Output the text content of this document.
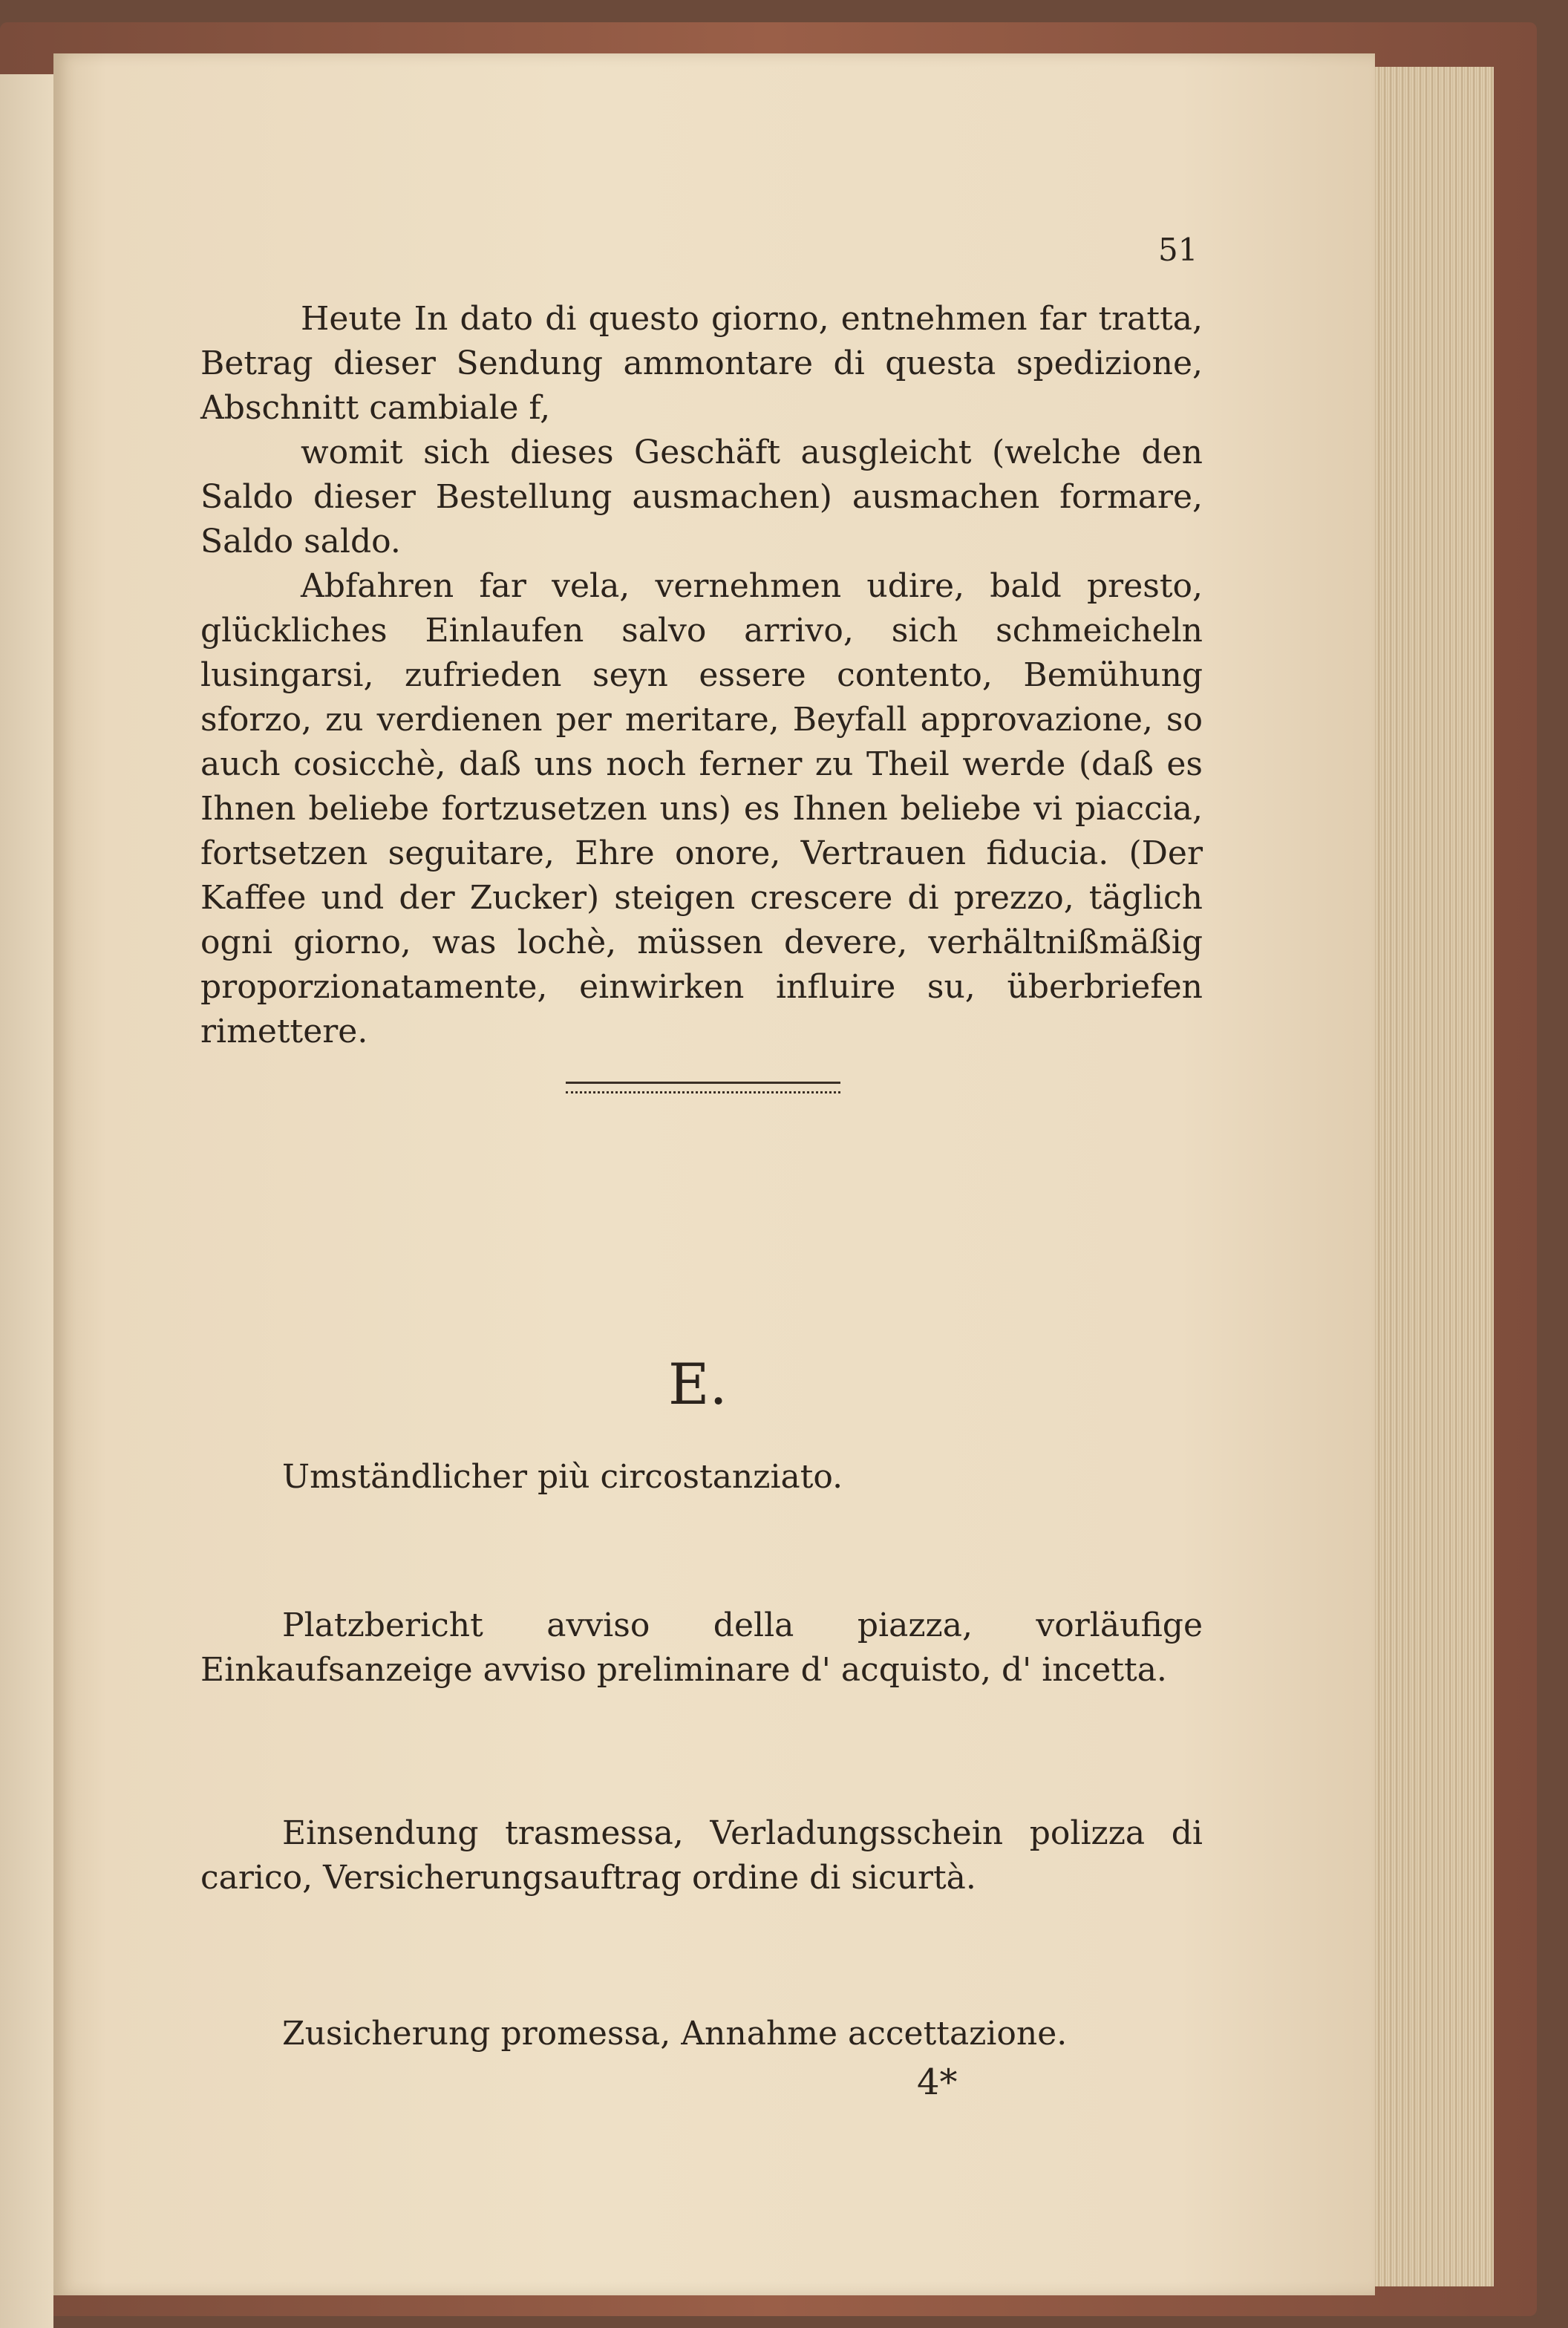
51

Heute In dato di questo giorno, entnehmen far tratta, Betrag dieser Sendung ammontare di questa spedizione, Abschnitt cambiale f,

womit sich dieses Geschäft ausgleicht (welche den Saldo dieser Bestellung ausmachen) ausmachen formare, Saldo saldo.

Abfahren far vela, vernehmen udire, bald presto, glückliches Einlaufen salvo arrivo, sich schmeicheln lusingarsi, zufrieden seyn essere contento, Bemühung sforzo, zu verdienen per meritare, Beyfall approvazione, so auch cosicchè, daß uns noch ferner zu Theil werde (daß es Ihnen beliebe fortzusetzen uns) es Ihnen beliebe vi piaccia, fortsetzen seguitare, Ehre onore, Vertrauen fiducia. (Der Kaffee und der Zucker) steigen crescere di prezzo, täglich ogni giorno, was lochè, müssen devere, verhältnißmäßig proporzionatamente, einwirken influire su, überbriefen rimettere.

E.

Umständlicher più circostanziato.

Platzbericht avviso della piazza, vorläufige Einkaufsanzeige avviso preliminare d' acquisto, d' incetta.

Einsendung trasmessa, Verladungsschein polizza di carico, Versicherungsauftrag ordine di sicurtà.

Zusicherung promessa, Annahme accettazione.

4*
